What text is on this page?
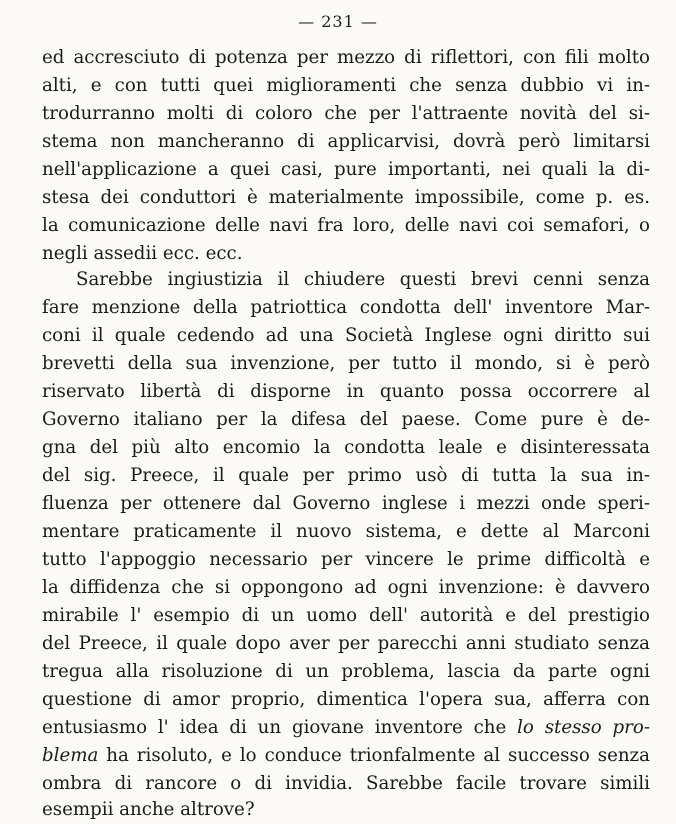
— 231 —
ed accresciuto di potenza per mezzo di riflettori, con fili molto
alti, e con tutti quei miglioramenti che senza dubbio vi in-
trodurranno molti di coloro che per l'attraente novità del si-
stema non mancheranno di applicarvisi, dovrà però limitarsi
nell'applicazione a quei casi, pure importanti, nei quali la di-
stesa dei conduttori è materialmente impossibile, come p. es.
la comunicazione delle navi fra loro, delle navi coi semafori, o
negli assedii ecc. ecc.
Sarebbe ingiustizia il chiudere questi brevi cenni senza
fare menzione della patriottica condotta dell' inventore Mar-
coni il quale cedendo ad una Società Inglese ogni diritto sui
brevetti della sua invenzione, per tutto il mondo, si è però
riservato libertà di disporne in quanto possa occorrere al
Governo italiano per la difesa del paese. Come pure è de-
gna del più alto encomio la condotta leale e disinteressata
del sig. Preece, il quale per primo usò di tutta la sua in-
fluenza per ottenere dal Governo inglese i mezzi onde speri-
mentare praticamente il nuovo sistema, e dette al Marconi
tutto l'appoggio necessario per vincere le prime difficoltà e
la diffidenza che si oppongono ad ogni invenzione: è davvero
mirabile l' esempio di un uomo dell' autorità e del prestigio
del Preece, il quale dopo aver per parecchi anni studiato senza
tregua alla risoluzione di un problema, lascia da parte ogni
questione di amor proprio, dimentica l'opera sua, afferra con
entusiasmo l' idea di un giovane inventore che lo stesso pro-
blema ha risoluto, e lo conduce trionfalmente al successo senza
ombra di rancore o di invidia. Sarebbe facile trovare simili
esempii anche altrove?
